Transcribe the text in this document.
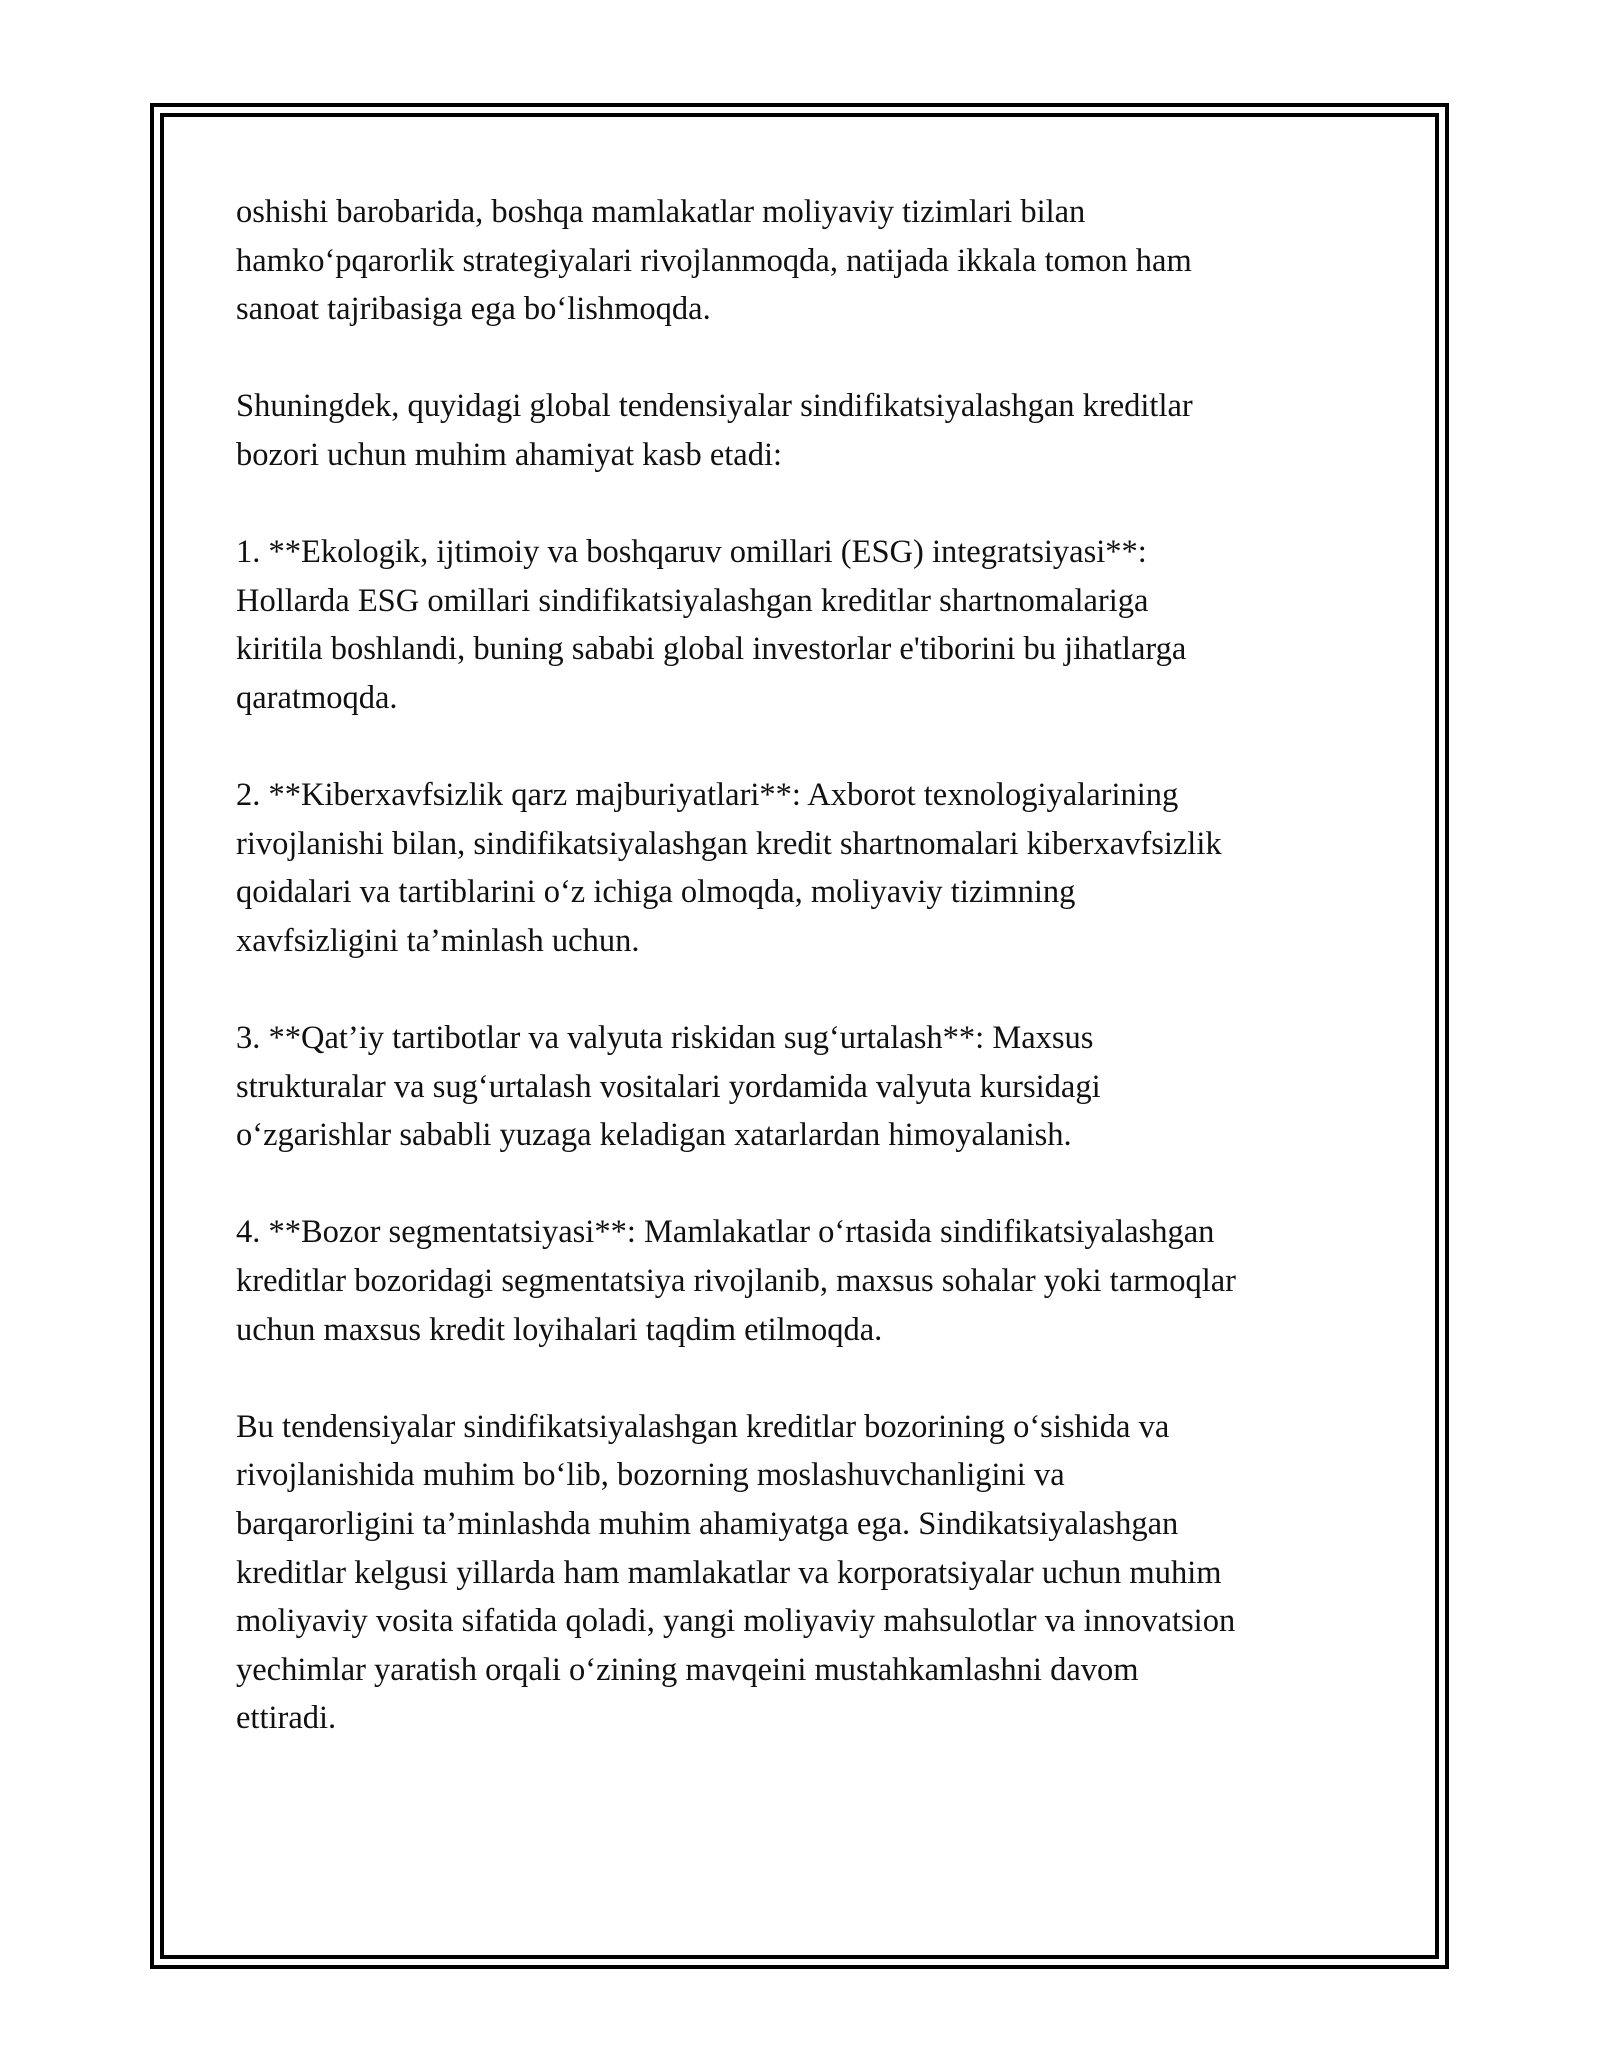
oshishi barobarida, boshqa mamlakatlar moliyaviy tizimlari bilan
hamko‘pqarorlik strategiyalari rivojlanmoqda, natijada ikkala tomon ham
sanoat tajribasiga ega bo‘lishmoqda.

Shuningdek, quyidagi global tendensiyalar sindifikatsiyalashgan kreditlar
bozori uchun muhim ahamiyat kasb etadi:

1. **Ekologik, ijtimoiy va boshqaruv omillari (ESG) integratsiyasi**:
Hollarda ESG omillari sindifikatsiyalashgan kreditlar shartnomalariga
kiritila boshlandi, buning sababi global investorlar e'tiborini bu jihatlarga
qaratmoqda.

2. **Kiberxavfsizlik qarz majburiyatlari**: Axborot texnologiyalarining
rivojlanishi bilan, sindifikatsiyalashgan kredit shartnomalari kiberxavfsizlik
qoidalari va tartiblarini o‘z ichiga olmoqda, moliyaviy tizimning
xavfsizligini ta’minlash uchun.

3. **Qat’iy tartibotlar va valyuta riskidan sug‘urtalash**: Maxsus
strukturalar va sug‘urtalash vositalari yordamida valyuta kursidagi
o‘zgarishlar sababli yuzaga keladigan xatarlardan himoyalanish.

4. **Bozor segmentatsiyasi**: Mamlakatlar o‘rtasida sindifikatsiyalashgan
kreditlar bozoridagi segmentatsiya rivojlanib, maxsus sohalar yoki tarmoqlar
uchun maxsus kredit loyihalari taqdim etilmoqda.

Bu tendensiyalar sindifikatsiyalashgan kreditlar bozorining o‘sishida va
rivojlanishida muhim bo‘lib, bozorning moslashuvchanligini va
barqarorligini ta’minlashda muhim ahamiyatga ega. Sindikatsiyalashgan
kreditlar kelgusi yillarda ham mamlakatlar va korporatsiyalar uchun muhim
moliyaviy vosita sifatida qoladi, yangi moliyaviy mahsulotlar va innovatsion
yechimlar yaratish orqali o‘zining mavqeini mustahkamlashni davom
ettiradi.
